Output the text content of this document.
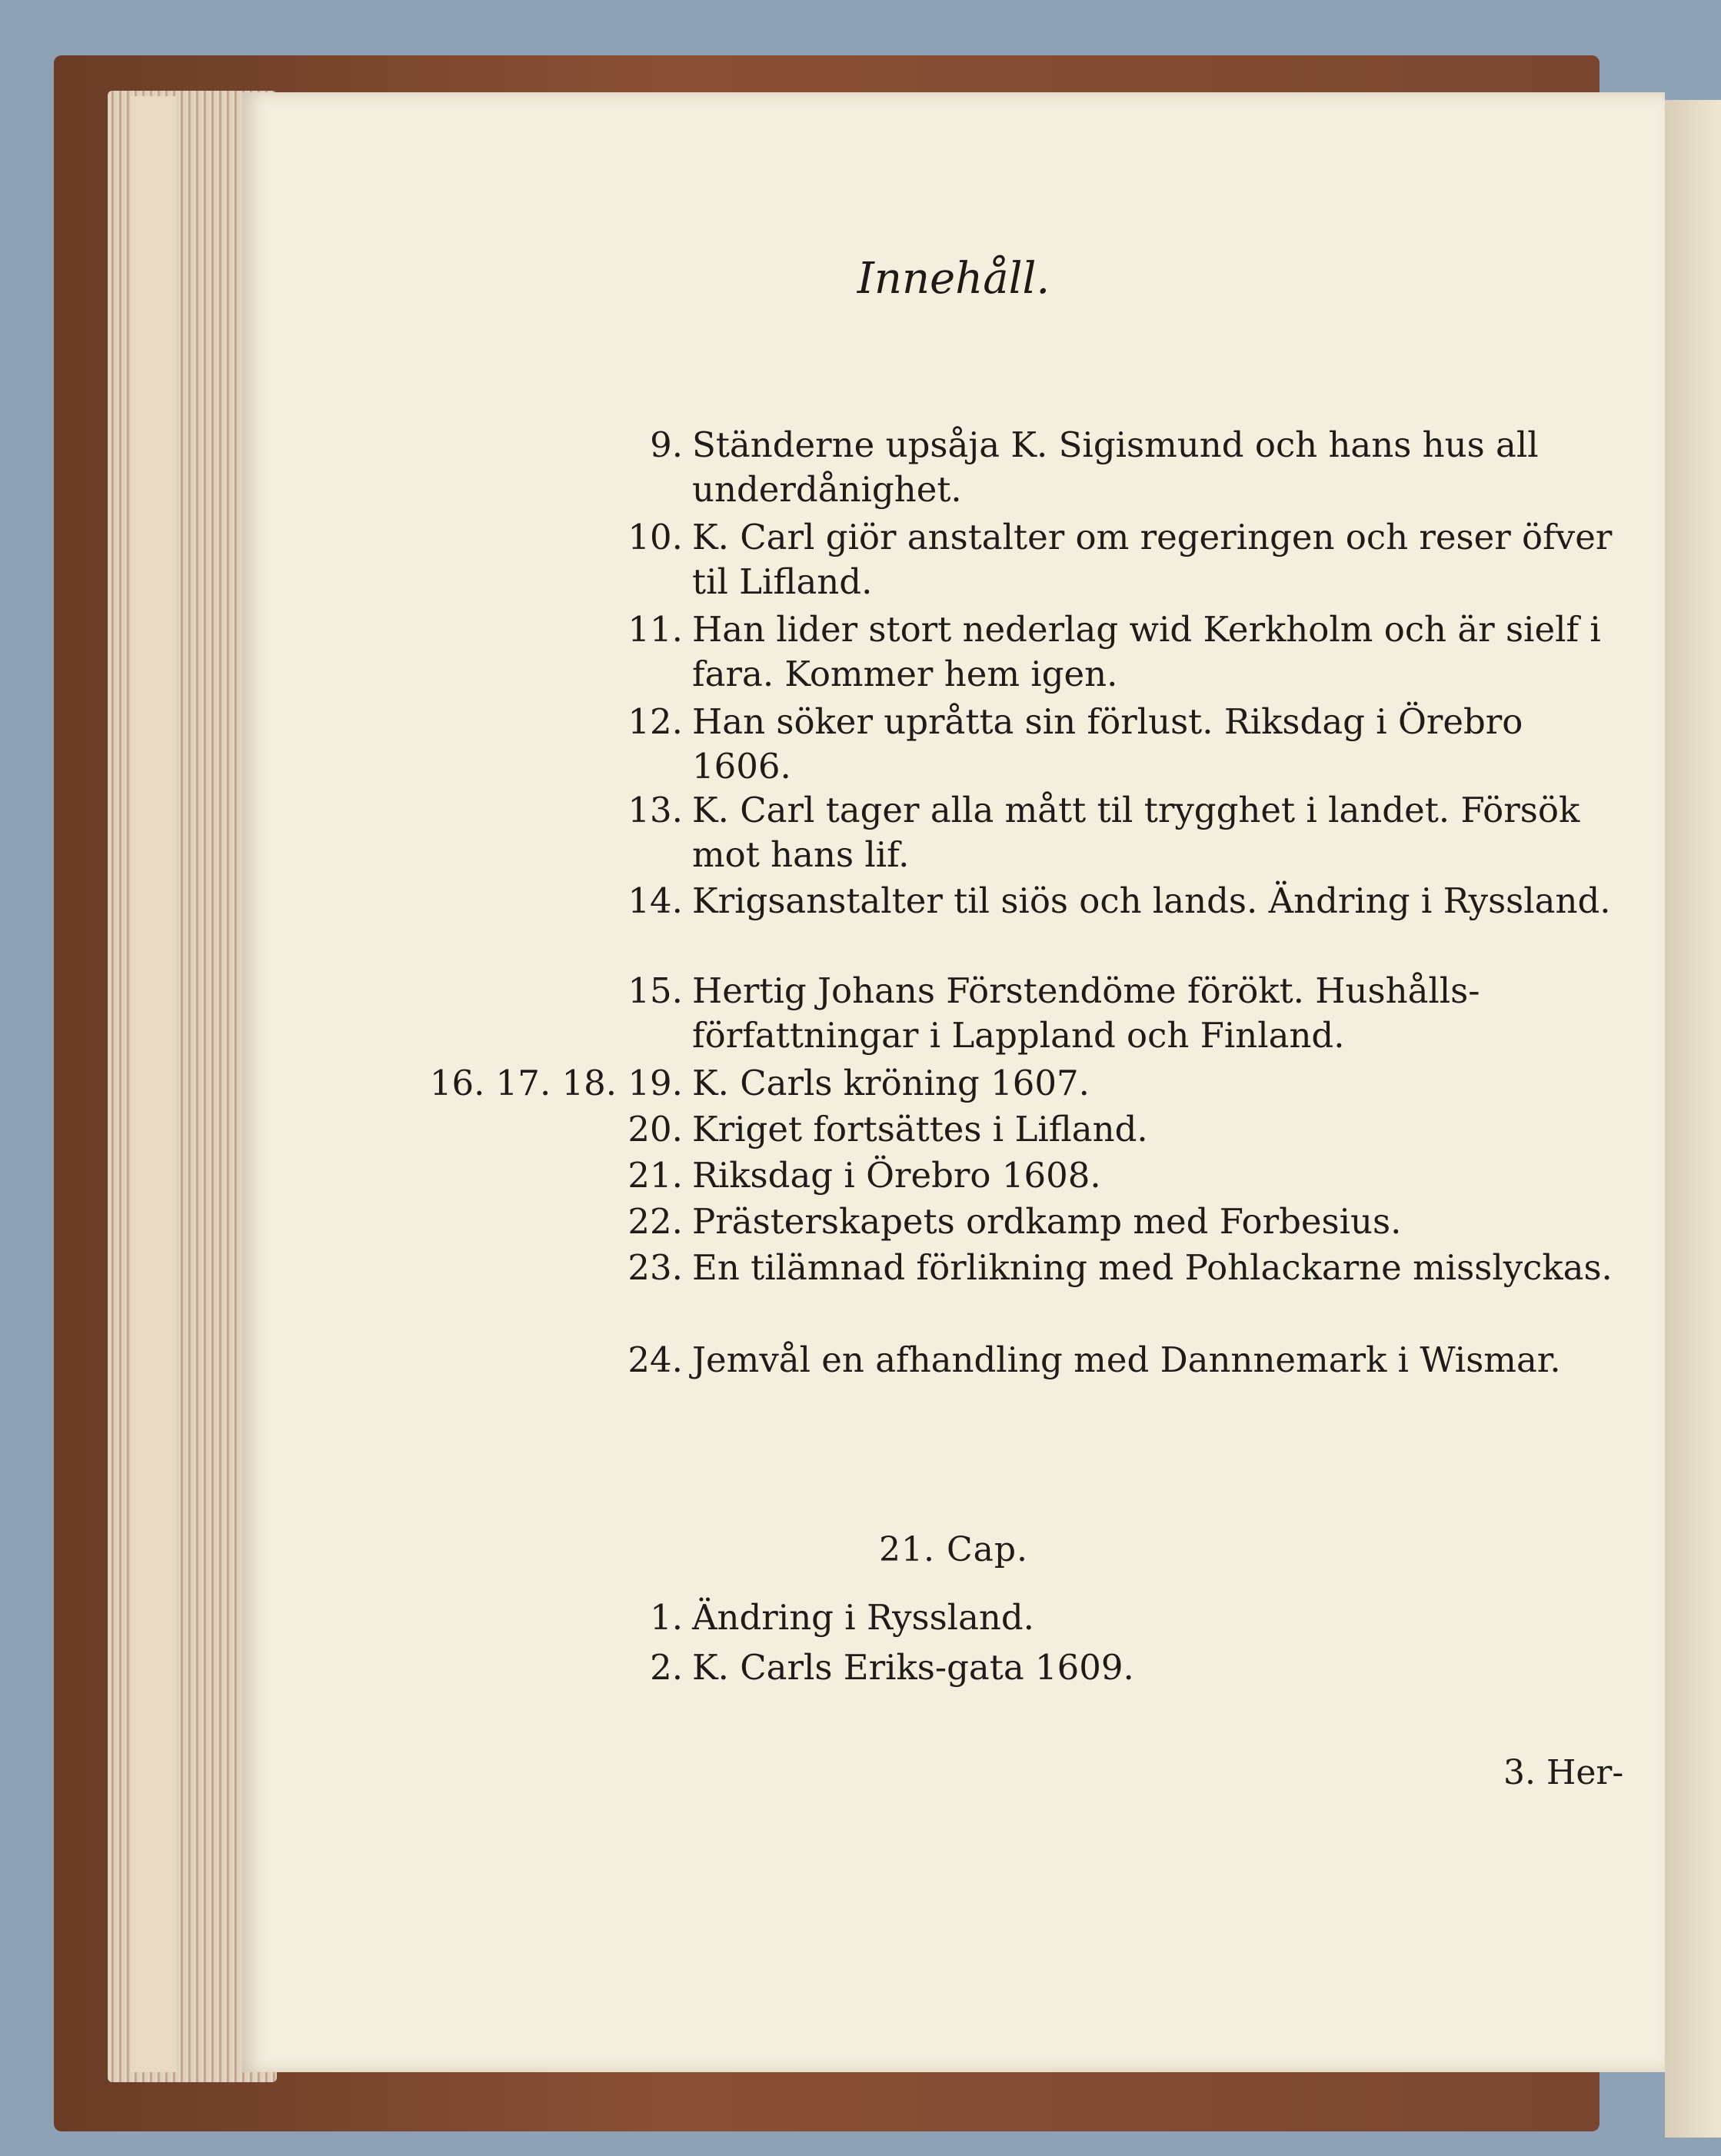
Innehåll.
9. Ständerne upsåja K. Sigismund och hans hus all underdånighet.
10. K. Carl giör anstalter om regeringen och reser öfver til Lifland.
11. Han lider stort nederlag wid Kerkholm och är sielf i fara. Kommer hem igen.
12. Han söker upråtta sin förlust. Riksdag i Örebro 1606.
13. K. Carl tager alla mått til trygghet i landet. Försök mot hans lif.
14. Krigsanstalter til siös och lands. Ändring i Ryssland.
15. Hertig Johans Förstendöme förökt. Hushålls-författningar i Lappland och Finland.
16. 17. 18. 19. K. Carls kröning 1607.
20. Kriget fortsättes i Lifland.
21. Riksdag i Örebro 1608.
22. Prästerskapets ordkamp med Forbesius.
23. En tilämnad förlikning med Pohlackarne misslyckas.
24. Jemvål en afhandling med Dannnemark i Wismar.
21. Cap.
1. Ändring i Ryssland.
2. K. Carls Eriks-gata 1609.
3. Her-
